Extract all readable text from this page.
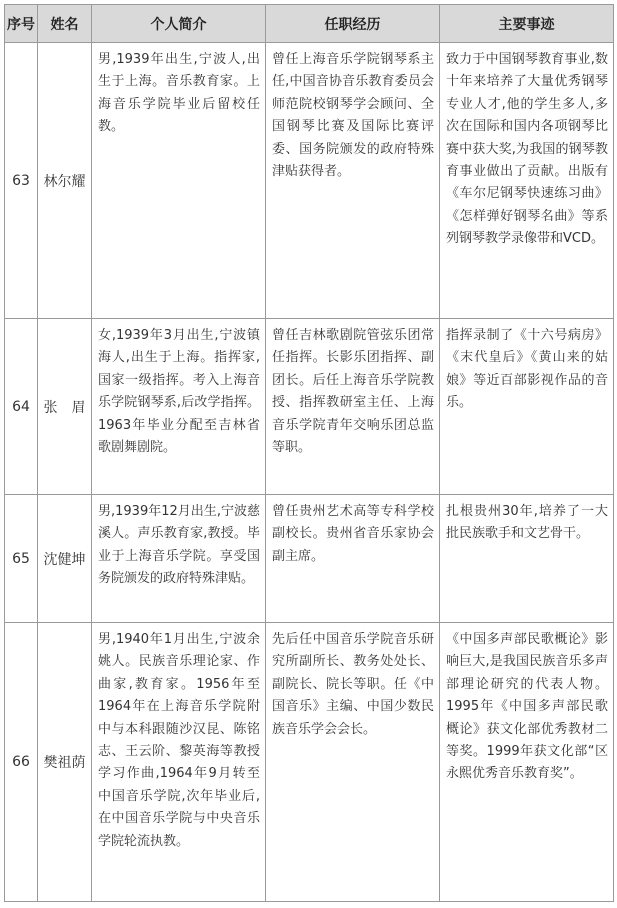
序号	姓名	个人简介	任职经历	主要事迹
63	林尔耀	男,1939年出生,宁波人,出生于上海。音乐教育家。上海音乐学院毕业后留校任教。	曾任上海音乐学院钢琴系主任,中国音协音乐教育委员会师范院校钢琴学会顾问、全国钢琴比赛及国际比赛评委、国务院颁发的政府特殊津贴获得者。	致力于中国钢琴教育事业,数十年来培养了大量优秀钢琴专业人才,他的学生多人,多次在国际和国内各项钢琴比赛中获大奖,为我国的钢琴教育事业做出了贡献。出版有《车尔尼钢琴快速练习曲》《怎样弹好钢琴名曲》等系列钢琴教学录像带和VCD。

64	张　眉	女,1939年3月出生,宁波镇海人,出生于上海。指挥家,国家一级指挥。考入上海音乐学院钢琴系,后改学指挥。1963年毕业分配至吉林省歌剧舞剧院。	曾任吉林歌剧院管弦乐团常任指挥。长影乐团指挥、副团长。后任上海音乐学院教授、指挥教研室主任、上海音乐学院青年交响乐团总监等职。	指挥录制了《十六号病房》《末代皇后》《黄山来的姑娘》等近百部影视作品的音乐。

65	沈健坤	男,1939年12月出生,宁波慈溪人。声乐教育家,教授。毕业于上海音乐学院。享受国务院颁发的政府特殊津贴。	曾任贵州艺术高等专科学校副校长。贵州省音乐家协会副主席。	扎根贵州30年,培养了一大批民族歌手和文艺骨干。

66	樊祖荫	男,1940年1月出生,宁波余姚人。民族音乐理论家、作曲家,教育家。1956年至1964年在上海音乐学院附中与本科跟随沙汉昆、陈铭志、王云阶、黎英海等教授学习作曲,1964年9月转至中国音乐学院,次年毕业后,在中国音乐学院与中央音乐学院轮流执教。	先后任中国音乐学院音乐研究所副所长、教务处处长、副院长、院长等职。任《中国音乐》主编、中国少数民族音乐学会会长。	《中国多声部民歌概论》影响巨大,是我国民族音乐多声部理论研究的代表人物。1995年《中国多声部民歌概论》获文化部优秀教材二等奖。1999年获文化部“区永熙优秀音乐教育奖”。
